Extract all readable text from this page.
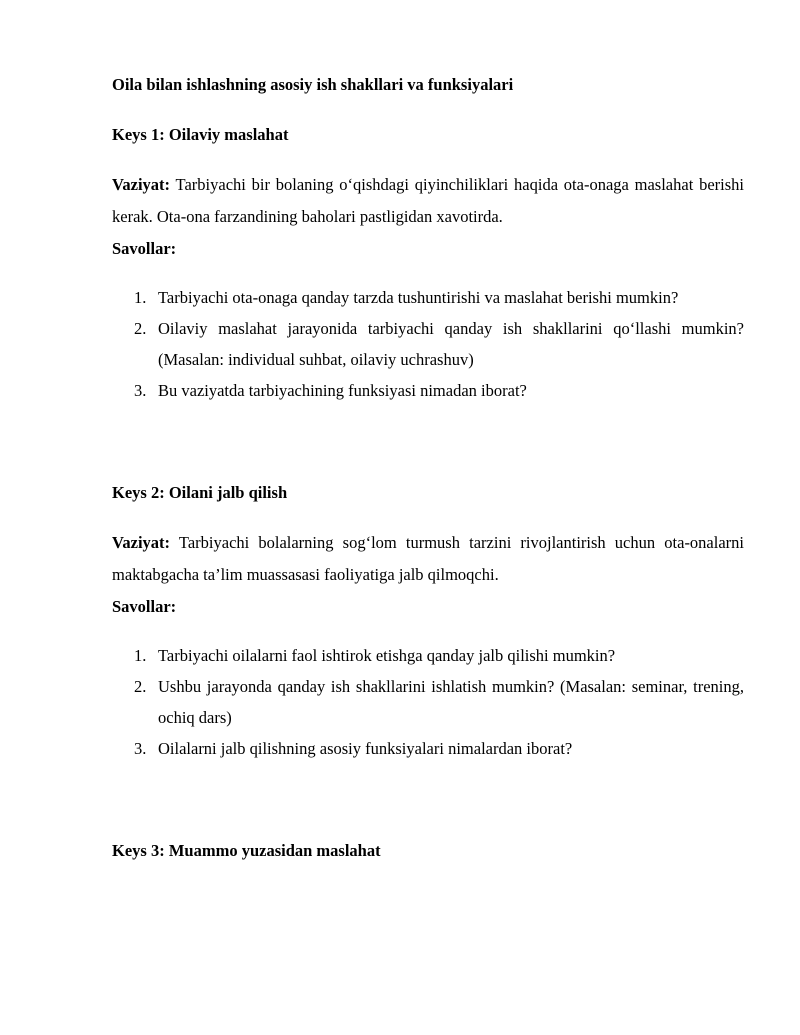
Oila bilan ishlashning asosiy ish shakllari va funksiyalari
Keys 1: Oilaviy maslahat
Vaziyat: Tarbiyachi bir bolaning o‘qishdagi qiyinchiliklari haqida ota-onaga maslahat berishi kerak. Ota-ona farzandining baholari pastligidan xavotirda.
Savollar:
1. Tarbiyachi ota-onaga qanday tarzda tushuntirishi va maslahat berishi mumkin?
2. Oilaviy maslahat jarayonida tarbiyachi qanday ish shakllarini qo‘llashi mumkin? (Masalan: individual suhbat, oilaviy uchrashuv)
3. Bu vaziyatda tarbiyachining funksiyasi nimadan iborat?
Keys 2: Oilani jalb qilish
Vaziyat: Tarbiyachi bolalarning sog‘lom turmush tarzini rivojlantirish uchun ota-onalarni maktabgacha ta’lim muassasasi faoliyatiga jalb qilmoqchi.
Savollar:
1. Tarbiyachi oilalarni faol ishtirok etishga qanday jalb qilishi mumkin?
2. Ushbu jarayonda qanday ish shakllarini ishlatish mumkin? (Masalan: seminar, trening, ochiq dars)
3. Oilalarni jalb qilishning asosiy funksiyalari nimalardan iborat?
Keys 3: Muammo yuzasidan maslahat
